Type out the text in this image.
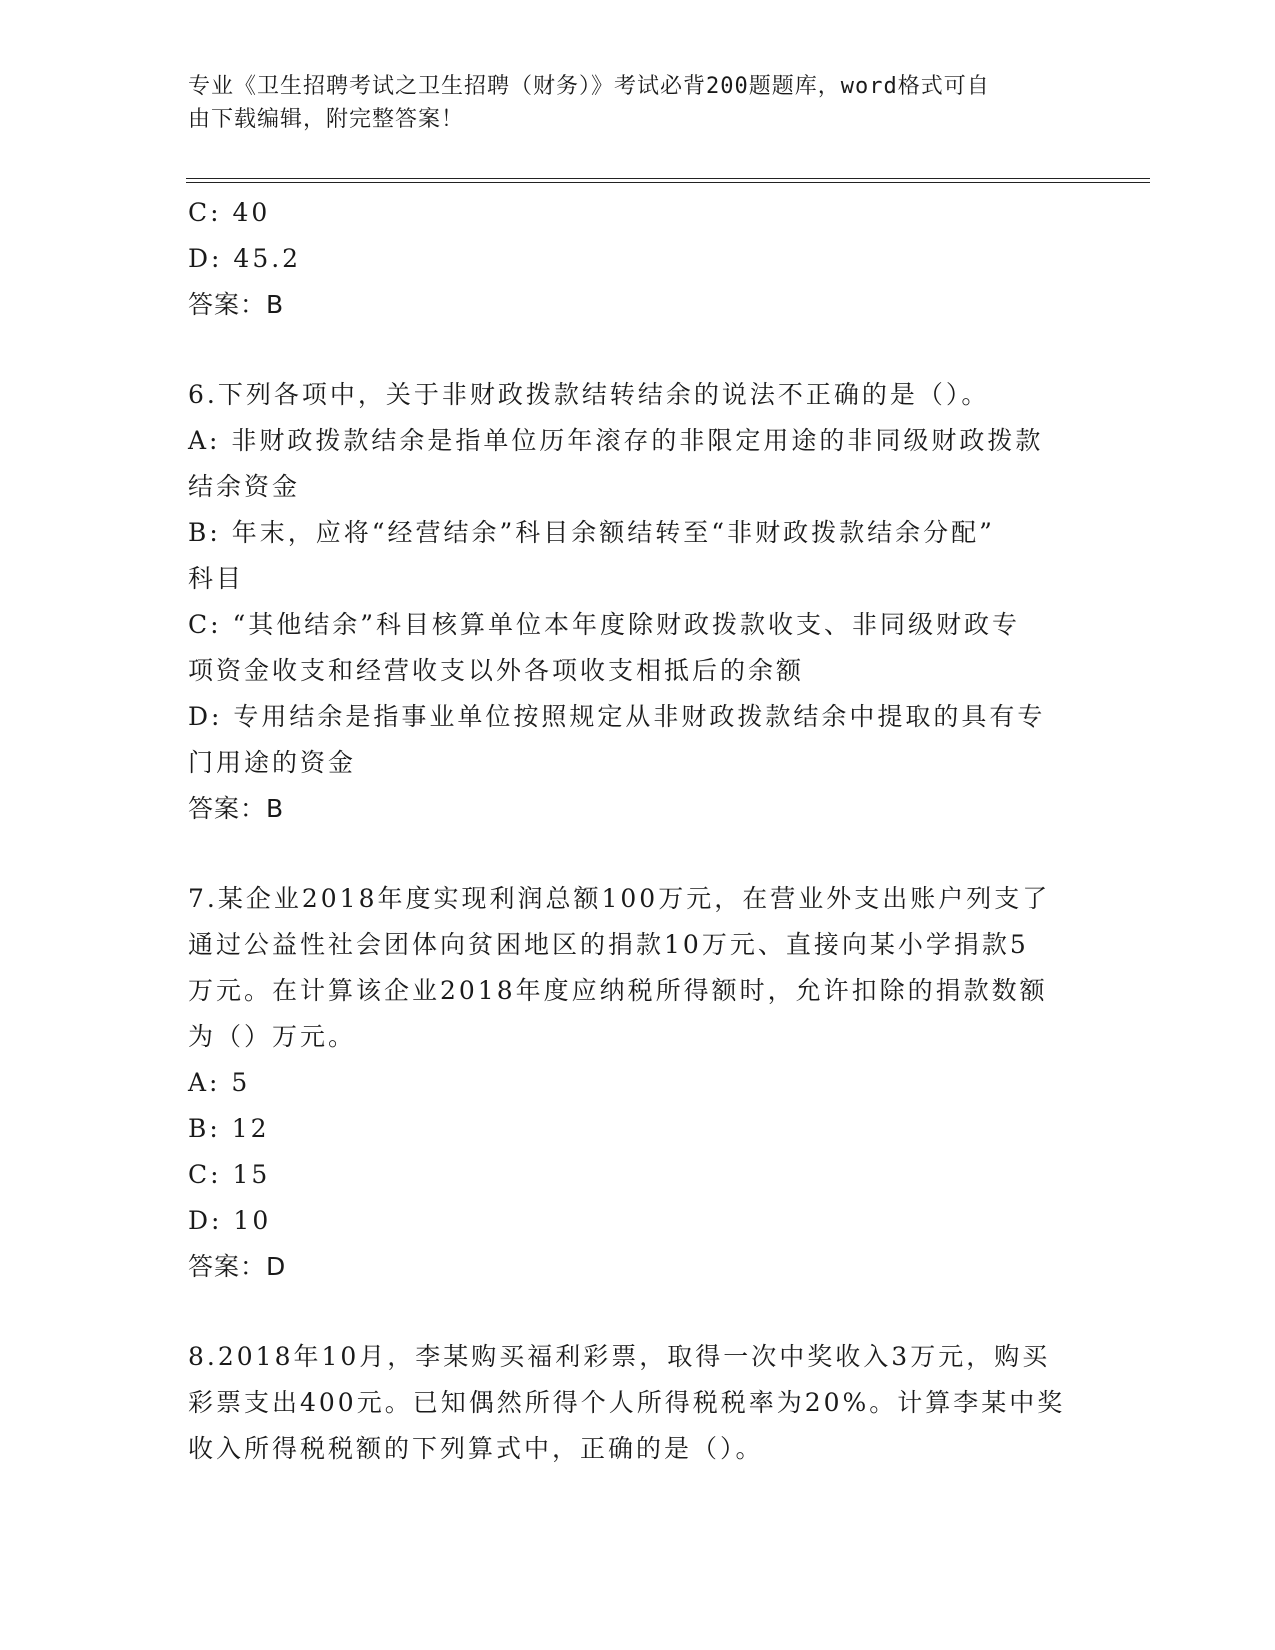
专业《卫生招聘考试之卫生招聘（财务）》考试必背200题题库，word格式可自
由下载编辑，附完整答案！
C: 40
D: 45.2
答案：B
6.下列各项中，关于非财政拨款结转结余的说法不正确的是（）。
A: 非财政拨款结余是指单位历年滚存的非限定用途的非同级财政拨款
结余资金
B: 年末，应将“经营结余”科目余额结转至“非财政拨款结余分配”
科目
C: “其他结余”科目核算单位本年度除财政拨款收支、非同级财政专
项资金收支和经营收支以外各项收支相抵后的余额
D: 专用结余是指事业单位按照规定从非财政拨款结余中提取的具有专
门用途的资金
答案：B
7.某企业2018年度实现利润总额100万元，在营业外支出账户列支了
通过公益性社会团体向贫困地区的捐款10万元、直接向某小学捐款5
万元。在计算该企业2018年度应纳税所得额时，允许扣除的捐款数额
为（）万元。
A: 5
B: 12
C: 15
D: 10
答案：D
8.2018年10月，李某购买福利彩票，取得一次中奖收入3万元，购买
彩票支出400元。已知偶然所得个人所得税税率为20%。计算李某中奖
收入所得税税额的下列算式中，正确的是（）。
